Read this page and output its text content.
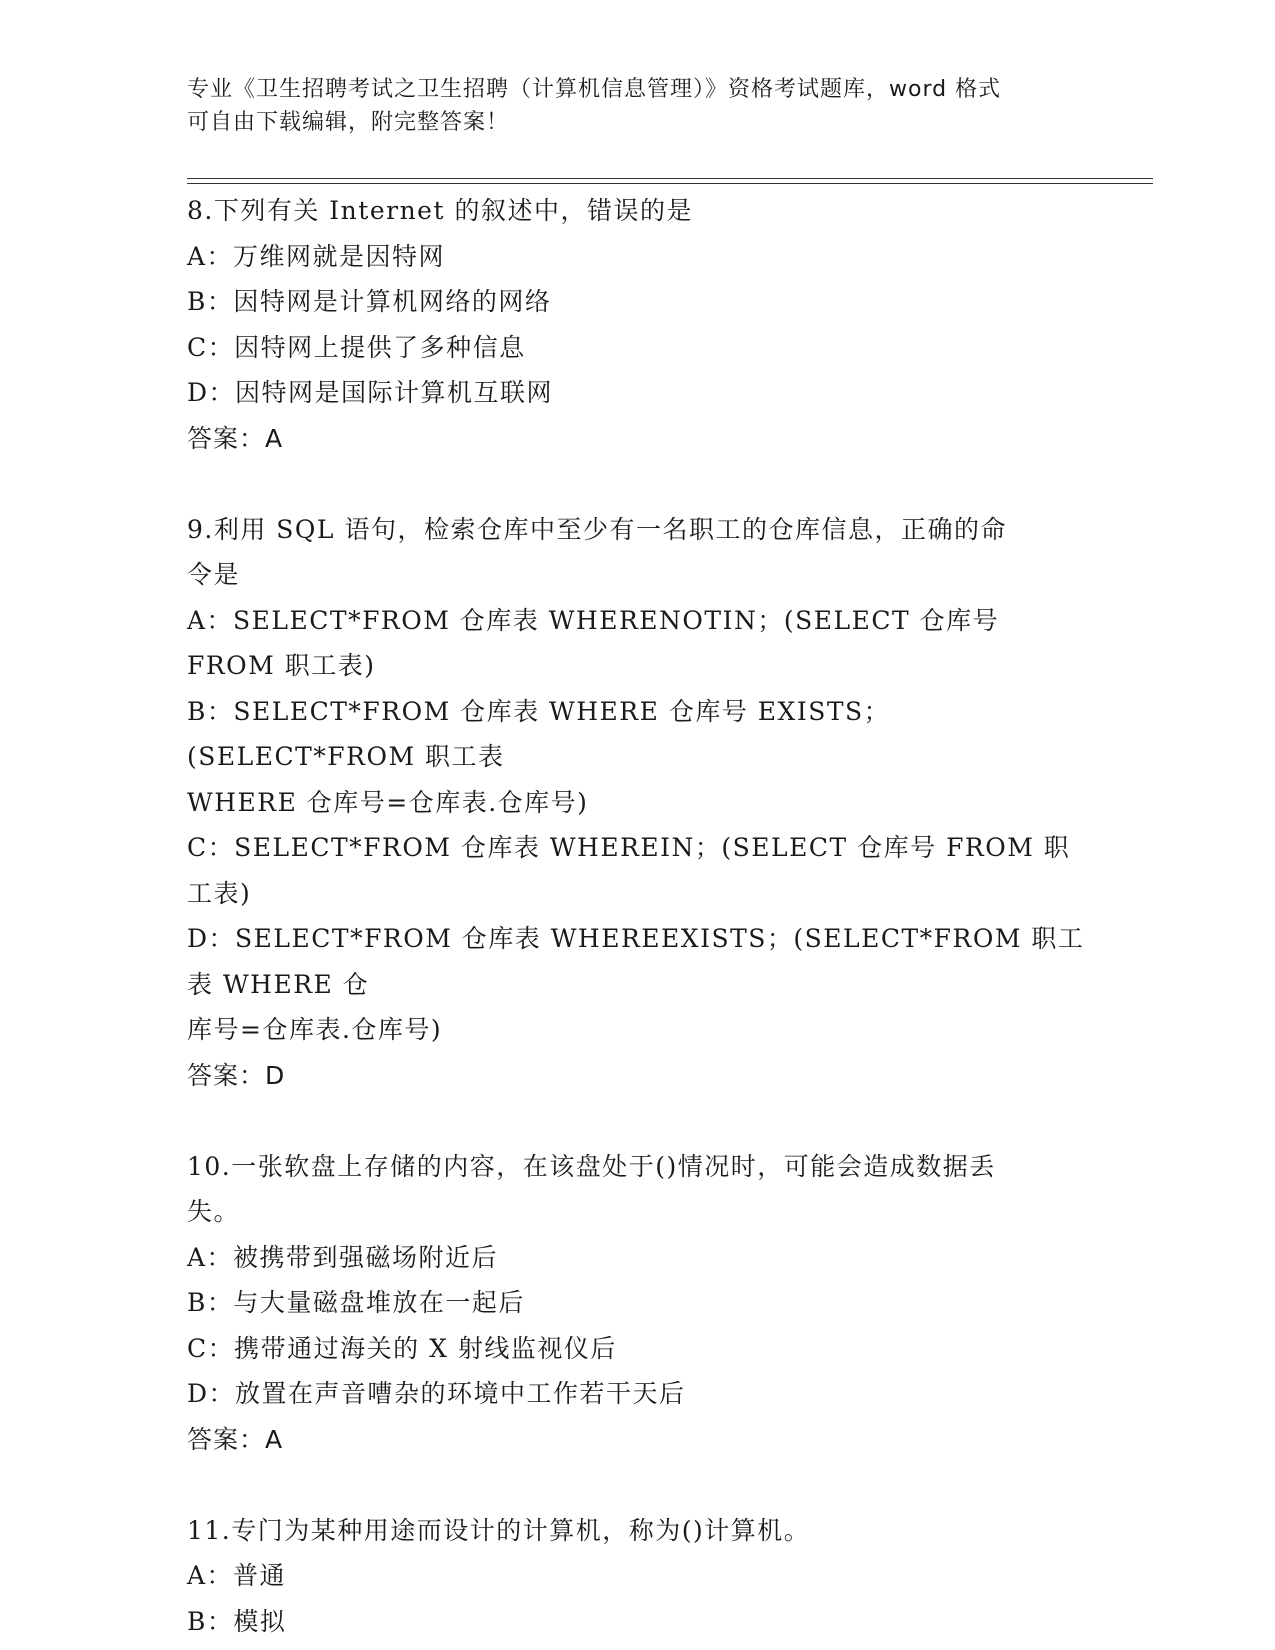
专业《卫生招聘考试之卫生招聘（计算机信息管理）》资格考试题库，word 格式
可自由下载编辑，附完整答案！
8.下列有关 Internet 的叙述中，错误的是
A：万维网就是因特网
B：因特网是计算机网络的网络
C：因特网上提供了多种信息
D：因特网是国际计算机互联网
答案：A
9.利用 SQL 语句，检索仓库中至少有一名职工的仓库信息，正确的命
令是
A：SELECT*FROM 仓库表 WHERENOTIN；(SELECT 仓库号 FROM 职工表)
B：SELECT*FROM 仓库表 WHERE 仓库号 EXISTS；(SELECT*FROM 职工表
WHERE 仓库号=仓库表.仓库号)
C：SELECT*FROM 仓库表 WHEREIN；(SELECT 仓库号 FROM 职工表)
D：SELECT*FROM 仓库表 WHEREEXISTS；(SELECT*FROM 职工表 WHERE 仓
库号=仓库表.仓库号)
答案：D
10.一张软盘上存储的内容，在该盘处于()情况时，可能会造成数据丢
失。
A：被携带到强磁场附近后
B：与大量磁盘堆放在一起后
C：携带通过海关的 X 射线监视仪后
D：放置在声音嘈杂的环境中工作若干天后
答案：A
11.专门为某种用途而设计的计算机，称为()计算机。
A：普通
B：模拟
